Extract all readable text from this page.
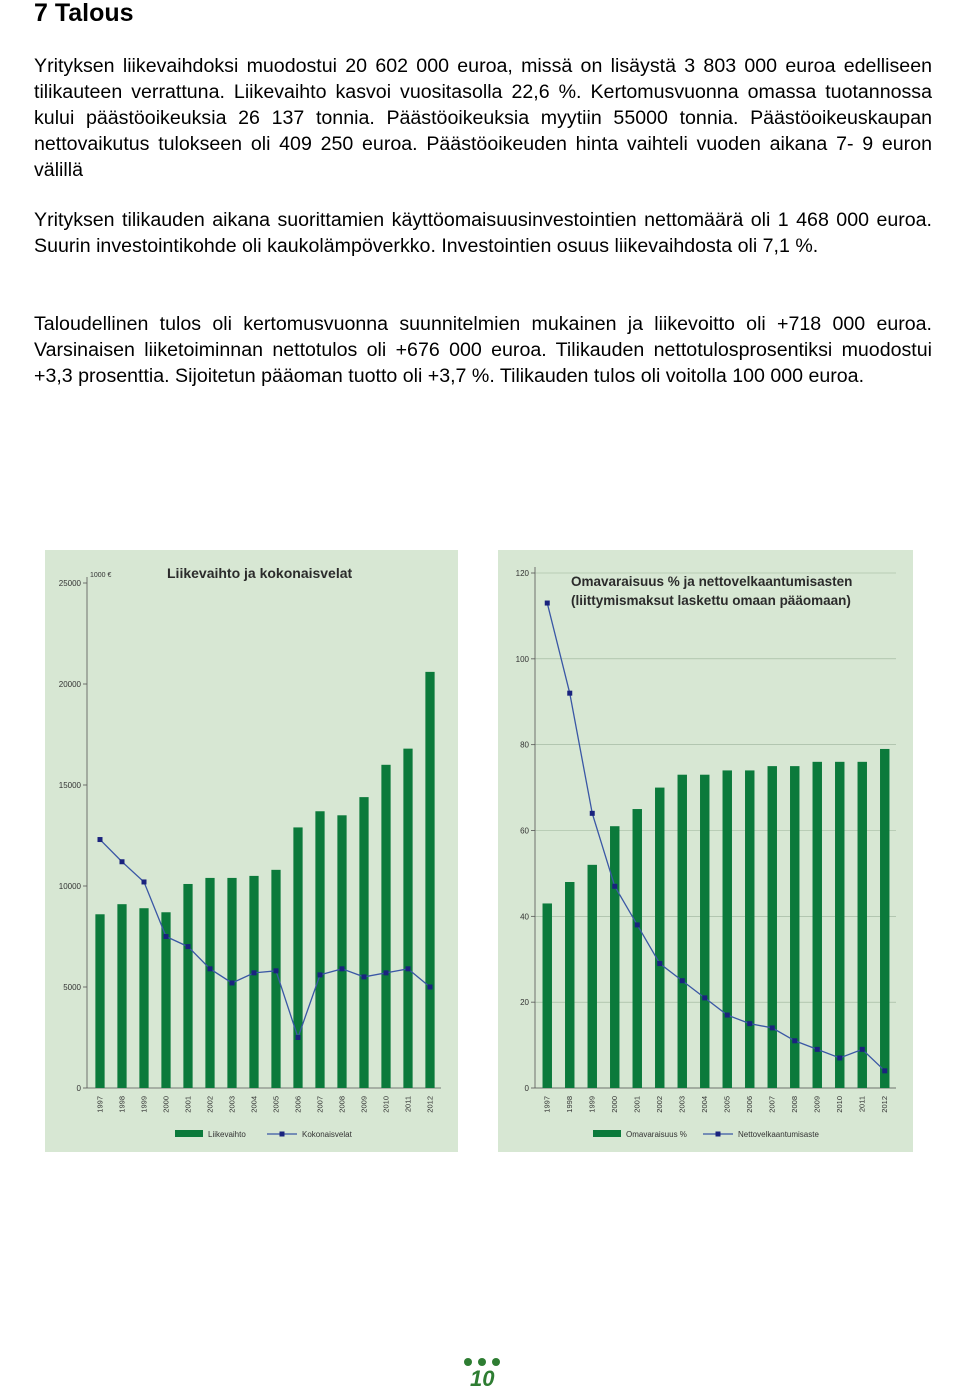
7 Talous

Yrityksen liikevaihdoksi muodostui 20 602 000 euroa, missä on lisäystä 3 803 000 euroa edelliseen tilikauteen verrattuna. Liikevaihto kasvoi vuositasolla 22,6 %. Kertomusvuonna omassa tuotannossa kului päästöoikeuksia 26 137 tonnia. Päästöoikeuksia myytiin 55000 tonnia. Päästöoikeuskaupan nettovaikutus tulokseen oli 409 250 euroa. Päästöoikeuden hinta vaihteli vuoden aikana 7- 9 euron välillä

Yrityksen tilikauden aikana suorittamien käyttöomaisuusinvestointien nettomäärä oli 1 468 000 euroa. Suurin investointikohde oli kaukolämpöverkko. Investointien osuus liikevaihdosta oli 7,1 %.

Taloudellinen tulos oli kertomusvuonna suunnitelmien mukainen ja liikevoitto oli +718 000 euroa. Varsinaisen liiketoiminnan nettotulos oli +676 000 euroa. Tilikauden nettotulosprosentiksi muodostui +3,3 prosenttia. Sijoitetun pääoman tuotto oli +3,7 %. Tilikauden tulos oli voitolla 100 000 euroa.

0
5000
10000
15000
20000
25000
1000 €
1997 1998 1999 2000 2001 2002 2003 2004 2005 2006 2007 2008 2009 2010 2011 2012
Liikevaihto ja kokonaisvelat
Liikevaihto	Kokonaisvelat
0
20
40
60
80
100
120
1997 1998 1999 2000 2001 2002 2003 2004 2005 2006 2007 2008 2009 2010 2011 2012
Omavaraisuus % ja nettovelkaantumisasten
(liittymismaksut laskettu omaan pääomaan)
Omavaraisuus %	Nettovelkaantumisaste
10
